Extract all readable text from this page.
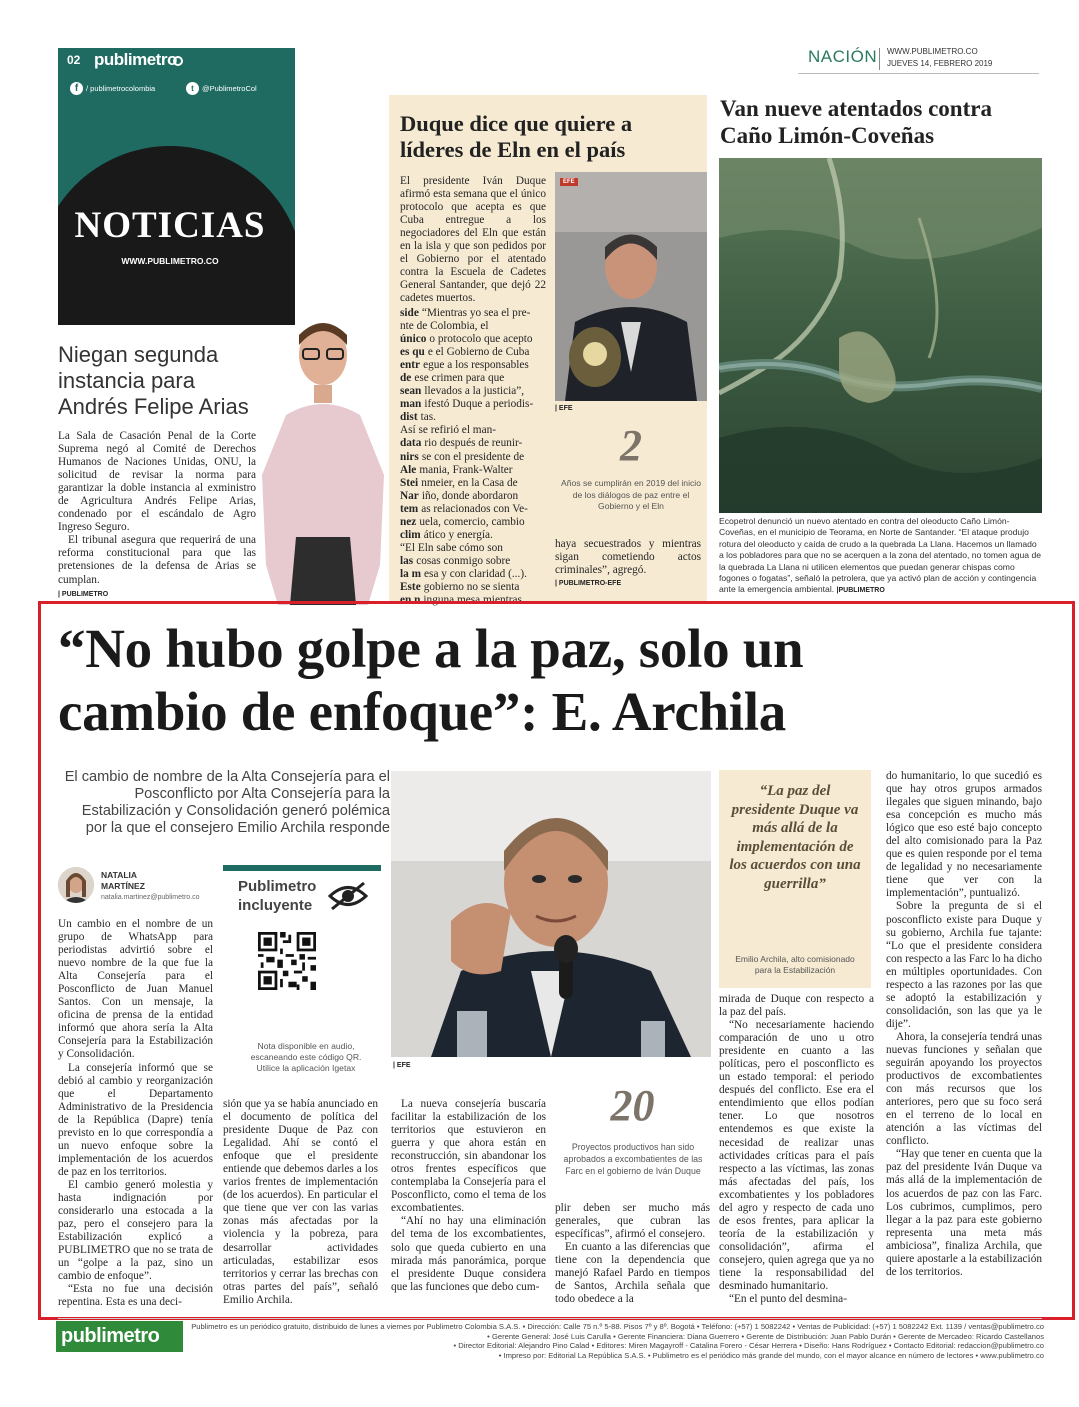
02 publimetro
f	/ publimetrocolombia	t	@PublimetroCol
NOTICIAS
WWW.PUBLIMETRO.CO
NACIÓN WWW.PUBLIMETRO.CO
JUEVES 14, FEBRERO 2019
Niegan segunda
instancia para
Andrés Felipe Arias

La Sala de Casación Penal de la Corte Suprema negó al Comité de Derechos Humanos de Naciones Unidas, ONU, la solicitud de revisar la norma para garantizar la doble instancia al exministro de Agricultura Andrés Felipe Arias, condenado por el escándalo de Agro Ingreso Seguro.

El tribunal asegura que requerirá de una reforma constitucional para que las pretensiones de la defensa de Arias se cumplan.

| PUBLIMETRO
Duque dice que quiere a
líderes de Eln en el país
El presidente Iván Duque afirmó esta semana que el único protocolo que acepta es que Cuba entregue a los negociadores del Eln que están en la isla y que son pedidos por el Gobierno por el atentado contra la Escuela de Cadetes General Santander, que dejó 22 cadetes muertos.
EFE
| EFE
side “Mientras yo sea el pre-
nte de Colombia, el
único o protocolo que acepto
es qu e el Gobierno de Cuba
entr egue a los responsables
de ese crimen para que
sean llevados a la justicia”,
man ifestó Duque a periodis-
dist tas.
Así se refirió el man-
data rio después de reunir-
nirs se con el presidente de
Ale mania, Frank-Walter
Stei nmeier, en la Casa de
Nar iño, donde abordaron
tem as relacionados con Ve-
nez uela, comercio, cambio
clim ático y energía.
“El Eln sabe cómo son
las cosas conmigo sobre
la m esa y con claridad (...).
Este gobierno no se sienta
en n inguna mesa mientras
2
Años se cumplirán en 2019 del inicio de los diálogos de paz entre el Gobierno y el Eln
haya secuestrados y mientras sigan cometiendo actos criminales”, agregó.
| PUBLIMETRO-EFE
Van nueve atentados contra
Caño Limón-Coveñas
Ecopetrol denunció un nuevo atentado en contra del oleoducto Caño Limón-Coveñas, en el municipio de Teorama, en Norte de Santander. “El ataque produjo rotura del oleoducto y caída de crudo a la quebrada La Llana. Hacemos un llamado a los pobladores para que no se acerquen a la zona del atentado, no tomen agua de la quebrada La Llana ni utilicen elementos que puedan generar chispas como fogones o fogatas”, señaló la petrolera, que ya activó plan de acción y contingencia ante la emergencia ambiental. |PUBLIMETRO
“No hubo golpe a la paz, solo un
cambio de enfoque”: E. Archila
El cambio de nombre de la Alta Consejería para el Posconflicto por Alta Consejería para la Estabilización y Consolidación generó polémica por la que el consejero Emilio Archila responde
NATALIA
MARTÍNEZ
natalia.martinez@publimetro.co

Un cambio en el nombre de un grupo de WhatsApp para periodistas advirtió sobre el nuevo nombre de la que fue la Alta Consejería para el Posconflicto de Juan Manuel Santos. Con un mensaje, la oficina de prensa de la entidad informó que ahora sería la Alta Consejería para la Estabilización y Consolidación.

La consejería informó que se debió al cambio y reorganización que el Departamento Administrativo de la Presidencia de la República (Dapre) tenía previsto en lo que correspondía a un nuevo enfoque sobre la implementación de los acuerdos de paz en los territorios.

El cambio generó molestia y hasta indignación por considerarlo una estocada a la paz, pero el consejero para la Estabilización explicó a PUBLIMETRO que no se trata de un “golpe a la paz, sino un cambio de enfoque”.

“Esta no fue una decisión repentina. Esta es una deci-

Publimetro
incluyente
Nota disponible en audio, escaneando este código QR. Utilice la aplicación Igetax	| EFE

sión que ya se había anunciado en el documento de política del presidente Duque de Paz con Legalidad. Ahí se contó el enfoque que el presidente entiende que debemos darles a los varios frentes de implementación (de los acuerdos). En particular el que tiene que ver con las varias zonas más afectadas por la violencia y la pobreza, para desarrollar actividades articuladas, estabilizar esos territorios y cerrar las brechas con otras partes del país”, señaló Emilio Archila.

La nueva consejería buscaría facilitar la estabilización de los territorios que estuvieron en guerra y que ahora están en reconstrucción, sin abandonar los otros frentes específicos que contemplaba la Consejería para el Posconflicto, como el tema de los excombatientes.

“Ahí no hay una eliminación del tema de los excombatientes, solo que queda cubierto en una mirada más panorámica, porque el presidente Duque considera que las funciones que debo cum-

20
Proyectos productivos han sido aprobados a excombatientes de las Farc en el gobierno de Iván Duque

plir deben ser mucho más generales, que cubran las específicas”, afirmó el consejero.

En cuanto a las diferencias que tiene con la dependencia que manejó Rafael Pardo en tiempos de Santos, Archila señala que todo obedece a la

“La paz del presidente Duque va más allá de la implementación de los acuerdos con una guerrilla”
Emilio Archila, alto comisionado para la Estabilización

mirada de Duque con respecto a la paz del país.

“No necesariamente haciendo comparación de uno u otro presidente en cuanto a las políticas, pero el posconflicto es un estado temporal: el periodo después del conflicto. Ese era el entendimiento que ellos podían tener. Lo que nosotros entendemos es que existe la necesidad de realizar unas actividades críticas para el país respecto a las víctimas, las zonas más afectadas del país, los excombatientes y los pobladores del agro y respecto de cada uno de esos frentes, para aplicar la teoría de la estabilización y consolidación”, afirma el consejero, quien agrega que ya no tiene la responsabilidad del desminado humanitario.

“En el punto del desmina-

do humanitario, lo que sucedió es que hay otros grupos armados ilegales que siguen minando, bajo esa concepción es mucho más lógico que eso esté bajo concepto del alto comisionado para la Paz que es quien responde por el tema de legalidad y no necesariamente tiene que ver con la implementación”, puntualizó.

Sobre la pregunta de si el posconflicto existe para Duque y su gobierno, Archila fue tajante: “Lo que el presidente considera con respecto a las Farc lo ha dicho en múltiples oportunidades. Con respecto a las razones por las que se adoptó la estabilización y consolidación, son las que ya le dije”.

Ahora, la consejería tendrá unas nuevas funciones y señalan que seguirán apoyando los proyectos productivos de excombatientes con más recursos que los anteriores, pero que su foco será en el terreno de lo local en atención a las víctimas del conflicto.

“Hay que tener en cuenta que la paz del presidente Iván Duque va más allá de la implementación de los acuerdos de paz con las Farc. Los cubrimos, cumplimos, pero llegar a la paz para este gobierno representa una meta más ambiciosa”, finaliza Archila, que quiere apostarle a la estabilización de los territorios.

publimetro	Publimetro es un periódico gratuito, distribuido de lunes a viernes por Publimetro Colombia S.A.S. • Dirección: Calle 75 n.º 5-88. Pisos 7º y 8º. Bogotá • Teléfono: (+57) 1 5082242 • Ventas de Publicidad: (+57) 1 5082242 Ext. 1139 / ventas@publimetro.co
• Gerente General: José Luis Carulla • Gerente Financiera: Diana Guerrero • Gerente de Distribución: Juan Pablo Durán • Gerente de Mercadeo: Ricardo Castellanos
• Director Editorial: Alejandro Pino Calad • Editores: Miren Magayroff - Catalina Forero - César Herrera • Diseño: Hans Rodríguez • Contacto Editorial: redaccion@publimetro.co
• Impreso por: Editorial La República S.A.S. • Publimetro es el periódico más grande del mundo, con el mayor alcance en número de lectores • www.publimetro.co
